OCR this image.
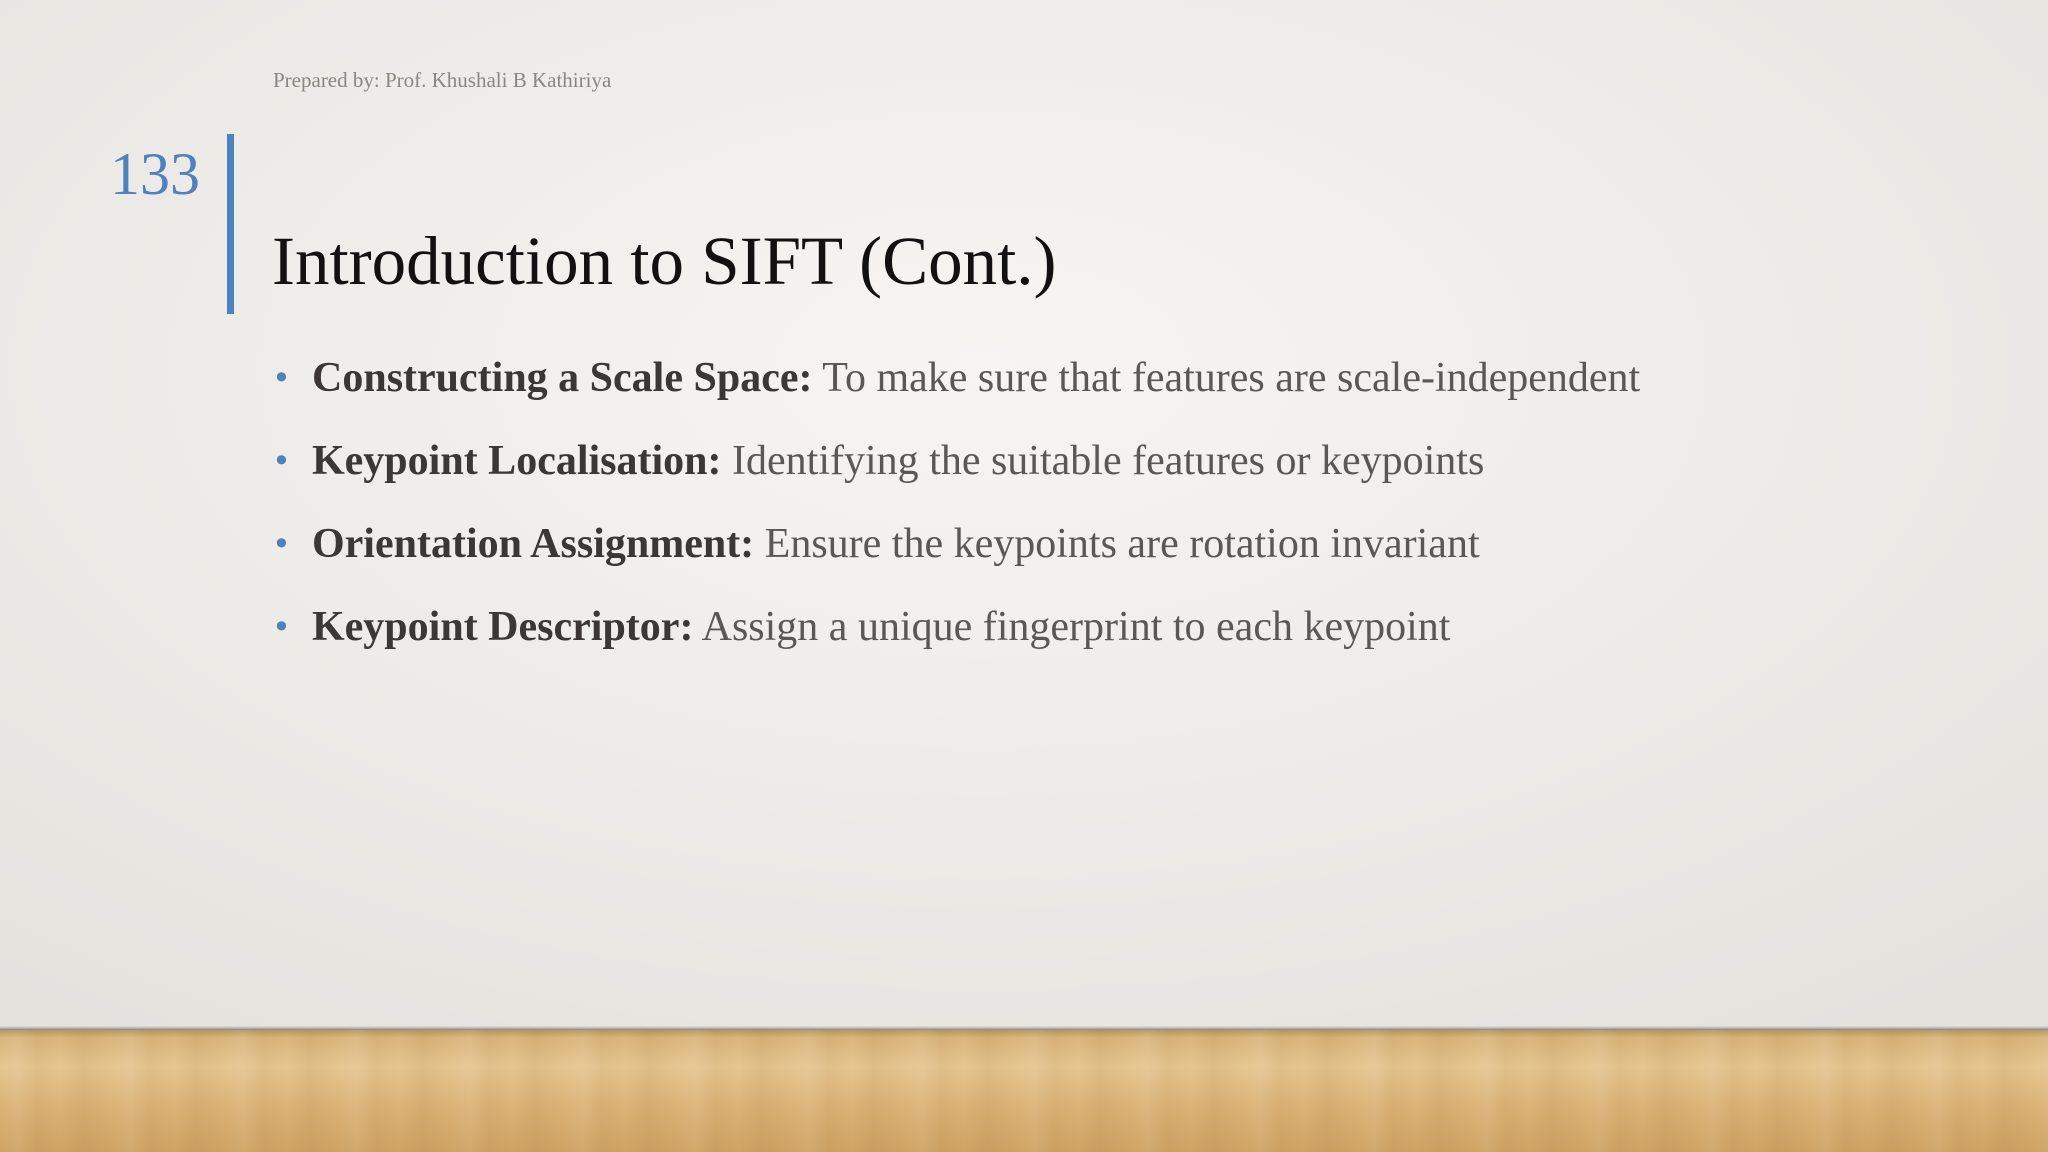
Prepared by: Prof. Khushali B Kathiriya
133
Introduction to SIFT (Cont.)
• Constructing a Scale Space: To make sure that features are scale-independent
• Keypoint Localisation: Identifying the suitable features or keypoints
• Orientation Assignment: Ensure the keypoints are rotation invariant
• Keypoint Descriptor: Assign a unique fingerprint to each keypoint
